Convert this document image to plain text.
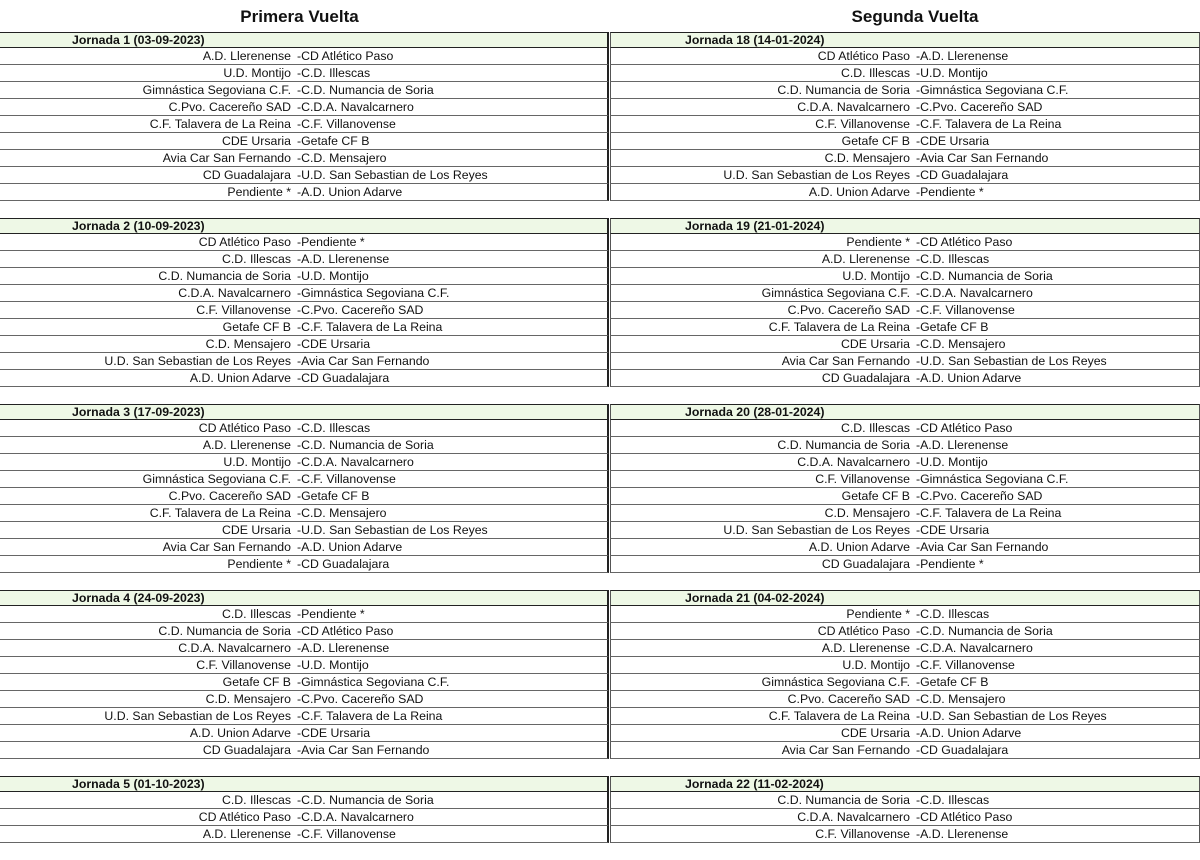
Primera Vuelta
Jornada 1 (03-09-2023)
A.D. Llerenense -CD Atlético Paso
U.D. Montijo -C.D. Illescas
Gimnástica Segoviana C.F. -C.D. Numancia de Soria
C.Pvo. Cacereño SAD -C.D.A. Navalcarnero
C.F. Talavera de La Reina -C.F. Villanovense
CDE Ursaria -Getafe CF B
Avia Car San Fernando -C.D. Mensajero
CD Guadalajara -U.D. San Sebastian de Los Reyes
Pendiente * -A.D. Union Adarve
Jornada 2 (10-09-2023)
CD Atlético Paso -Pendiente *
C.D. Illescas -A.D. Llerenense
C.D. Numancia de Soria -U.D. Montijo
C.D.A. Navalcarnero -Gimnástica Segoviana C.F.
C.F. Villanovense -C.Pvo. Cacereño SAD
Getafe CF B -C.F. Talavera de La Reina
C.D. Mensajero -CDE Ursaria
U.D. San Sebastian de Los Reyes -Avia Car San Fernando
A.D. Union Adarve -CD Guadalajara
Jornada 3 (17-09-2023)
CD Atlético Paso -C.D. Illescas
A.D. Llerenense -C.D. Numancia de Soria
U.D. Montijo -C.D.A. Navalcarnero
Gimnástica Segoviana C.F. -C.F. Villanovense
C.Pvo. Cacereño SAD -Getafe CF B
C.F. Talavera de La Reina -C.D. Mensajero
CDE Ursaria -U.D. San Sebastian de Los Reyes
Avia Car San Fernando -A.D. Union Adarve
Pendiente * -CD Guadalajara
Jornada 4 (24-09-2023)
C.D. Illescas -Pendiente *
C.D. Numancia de Soria -CD Atlético Paso
C.D.A. Navalcarnero -A.D. Llerenense
C.F. Villanovense -U.D. Montijo
Getafe CF B -Gimnástica Segoviana C.F.
C.D. Mensajero -C.Pvo. Cacereño SAD
U.D. San Sebastian de Los Reyes -C.F. Talavera de La Reina
A.D. Union Adarve -CDE Ursaria
CD Guadalajara -Avia Car San Fernando
Jornada 5 (01-10-2023)
C.D. Illescas -C.D. Numancia de Soria
CD Atlético Paso -C.D.A. Navalcarnero
A.D. Llerenense -C.F. Villanovense
Segunda Vuelta
Jornada 18 (14-01-2024)
CD Atlético Paso -A.D. Llerenense
C.D. Illescas -U.D. Montijo
C.D. Numancia de Soria -Gimnástica Segoviana C.F.
C.D.A. Navalcarnero -C.Pvo. Cacereño SAD
C.F. Villanovense -C.F. Talavera de La Reina
Getafe CF B -CDE Ursaria
C.D. Mensajero -Avia Car San Fernando
U.D. San Sebastian de Los Reyes -CD Guadalajara
A.D. Union Adarve -Pendiente *
Jornada 19 (21-01-2024)
Pendiente * -CD Atlético Paso
A.D. Llerenense -C.D. Illescas
U.D. Montijo -C.D. Numancia de Soria
Gimnástica Segoviana C.F. -C.D.A. Navalcarnero
C.Pvo. Cacereño SAD -C.F. Villanovense
C.F. Talavera de La Reina -Getafe CF B
CDE Ursaria -C.D. Mensajero
Avia Car San Fernando -U.D. San Sebastian de Los Reyes
CD Guadalajara -A.D. Union Adarve
Jornada 20 (28-01-2024)
C.D. Illescas -CD Atlético Paso
C.D. Numancia de Soria -A.D. Llerenense
C.D.A. Navalcarnero -U.D. Montijo
C.F. Villanovense -Gimnástica Segoviana C.F.
Getafe CF B -C.Pvo. Cacereño SAD
C.D. Mensajero -C.F. Talavera de La Reina
U.D. San Sebastian de Los Reyes -CDE Ursaria
A.D. Union Adarve -Avia Car San Fernando
CD Guadalajara -Pendiente *
Jornada 21 (04-02-2024)
Pendiente * -C.D. Illescas
CD Atlético Paso -C.D. Numancia de Soria
A.D. Llerenense -C.D.A. Navalcarnero
U.D. Montijo -C.F. Villanovense
Gimnástica Segoviana C.F. -Getafe CF B
C.Pvo. Cacereño SAD -C.D. Mensajero
C.F. Talavera de La Reina -U.D. San Sebastian de Los Reyes
CDE Ursaria -A.D. Union Adarve
Avia Car San Fernando -CD Guadalajara
Jornada 22 (11-02-2024)
C.D. Numancia de Soria -C.D. Illescas
C.D.A. Navalcarnero -CD Atlético Paso
C.F. Villanovense -A.D. Llerenense
